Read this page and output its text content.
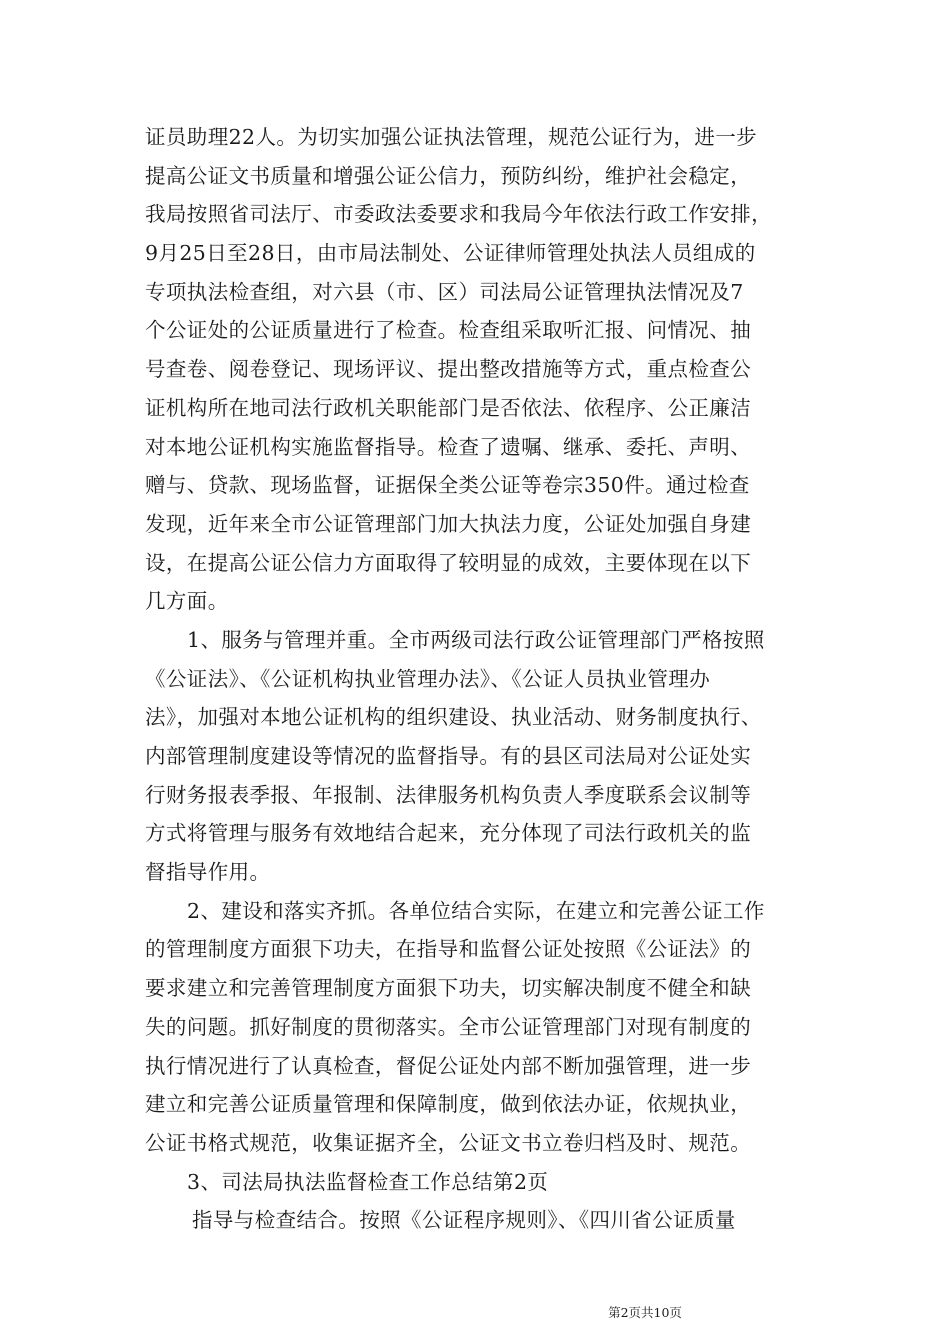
证员助理22人。为切实加强公证执法管理，规范公证行为，进一步
提高公证文书质量和增强公证公信力，预防纠纷，维护社会稳定，
我局按照省司法厅、市委政法委要求和我局今年依法行政工作安排，
9月25日至28日，由市局法制处、公证律师管理处执法人员组成的
专项执法检查组，对六县（市、区）司法局公证管理执法情况及7
个公证处的公证质量进行了检查。检查组采取听汇报、问情况、抽
号查卷、阅卷登记、现场评议、提出整改措施等方式，重点检查公
证机构所在地司法行政机关职能部门是否依法、依程序、公正廉洁
对本地公证机构实施监督指导。检查了遗嘱、继承、委托、声明、
赠与、贷款、现场监督，证据保全类公证等卷宗350件。通过检查
发现，近年来全市公证管理部门加大执法力度，公证处加强自身建
设，在提高公证公信力方面取得了较明显的成效，主要体现在以下
几方面。
1、服务与管理并重。全市两级司法行政公证管理部门严格按照
《公证法》、《公证机构执业管理办法》、《公证人员执业管理办
法》，加强对本地公证机构的组织建设、执业活动、财务制度执行、
内部管理制度建设等情况的监督指导。有的县区司法局对公证处实
行财务报表季报、年报制、法律服务机构负责人季度联系会议制等
方式将管理与服务有效地结合起来，充分体现了司法行政机关的监
督指导作用。
2、建设和落实齐抓。各单位结合实际，在建立和完善公证工作
的管理制度方面狠下功夫，在指导和监督公证处按照《公证法》的
要求建立和完善管理制度方面狠下功夫，切实解决制度不健全和缺
失的问题。抓好制度的贯彻落实。全市公证管理部门对现有制度的
执行情况进行了认真检查，督促公证处内部不断加强管理，进一步
建立和完善公证质量管理和保障制度，做到依法办证，依规执业，
公证书格式规范，收集证据齐全，公证文书立卷归档及时、规范。
3、司法局执法监督检查工作总结第2页
指导与检查结合。按照《公证程序规则》、《四川省公证质量
第2页共10页
